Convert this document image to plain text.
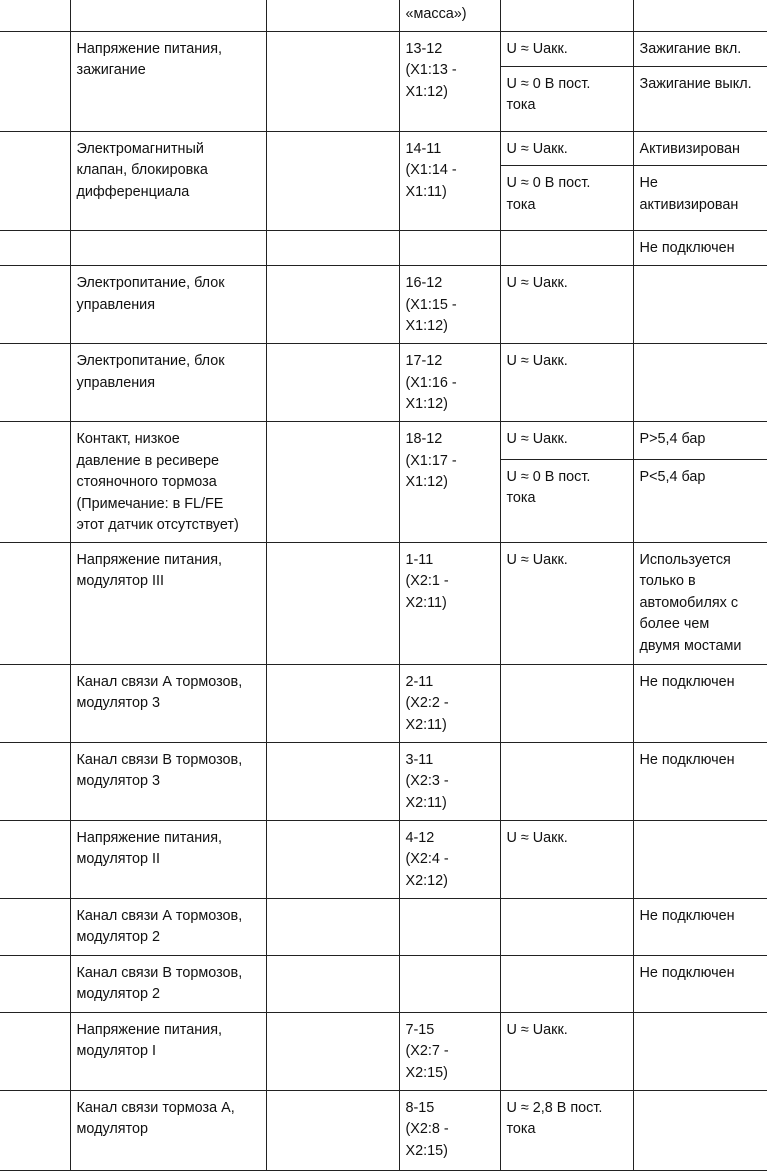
			«масса»)		

	Напряжение питания,
зажигание		13-12
(X1:13 -
X1:12)	U ≈ Uакк.	Зажигание вкл.

				U ≈ 0 В пост.
тока	Зажигание выкл.

	Электромагнитный
клапан, блокировка
дифференциала		14-11
(X1:14 -
X1:11)	U ≈ Uакк.	Активизирован

				U ≈ 0 В пост.
тока	Не
активизирован

					Не подключен

	Электропитание, блок
управления		16-12
(X1:15 -
X1:12)	U ≈ Uакк.	

	Электропитание, блок
управления		17-12
(X1:16 -
X1:12)	U ≈ Uакк.	

	Контакт, низкое
давление в ресивере
стояночного тормоза
(Примечание: в FL/FE
этот датчик отсутствует)		18-12
(X1:17 -
X1:12)	U ≈ Uакк.	P>5,4 бар

				U ≈ 0 В пост.
тока	P<5,4 бар

	Напряжение питания,
модулятор III		1-11
(X2:1 -
X2:11)	U ≈ Uакк.	Используется
только в
автомобилях с
более чем
двумя мостами

	Канал связи А тормозов,
модулятор 3		2-11
(X2:2 -
X2:11)		Не подключен

	Канал связи В тормозов,
модулятор 3		3-11
(X2:3 -
X2:11)		Не подключен

	Напряжение питания,
модулятор II		4-12
(X2:4 -
X2:12)	U ≈ Uакк.	

	Канал связи А тормозов,
модулятор 2				Не подключен

	Канал связи В тормозов,
модулятор 2				Не подключен

	Напряжение питания,
модулятор I		7-15
(X2:7 -
X2:15)	U ≈ Uакк.	

	Канал связи тормоза А,
модулятор		8-15
(X2:8 -
X2:15)	U ≈ 2,8 В пост.
тока	
